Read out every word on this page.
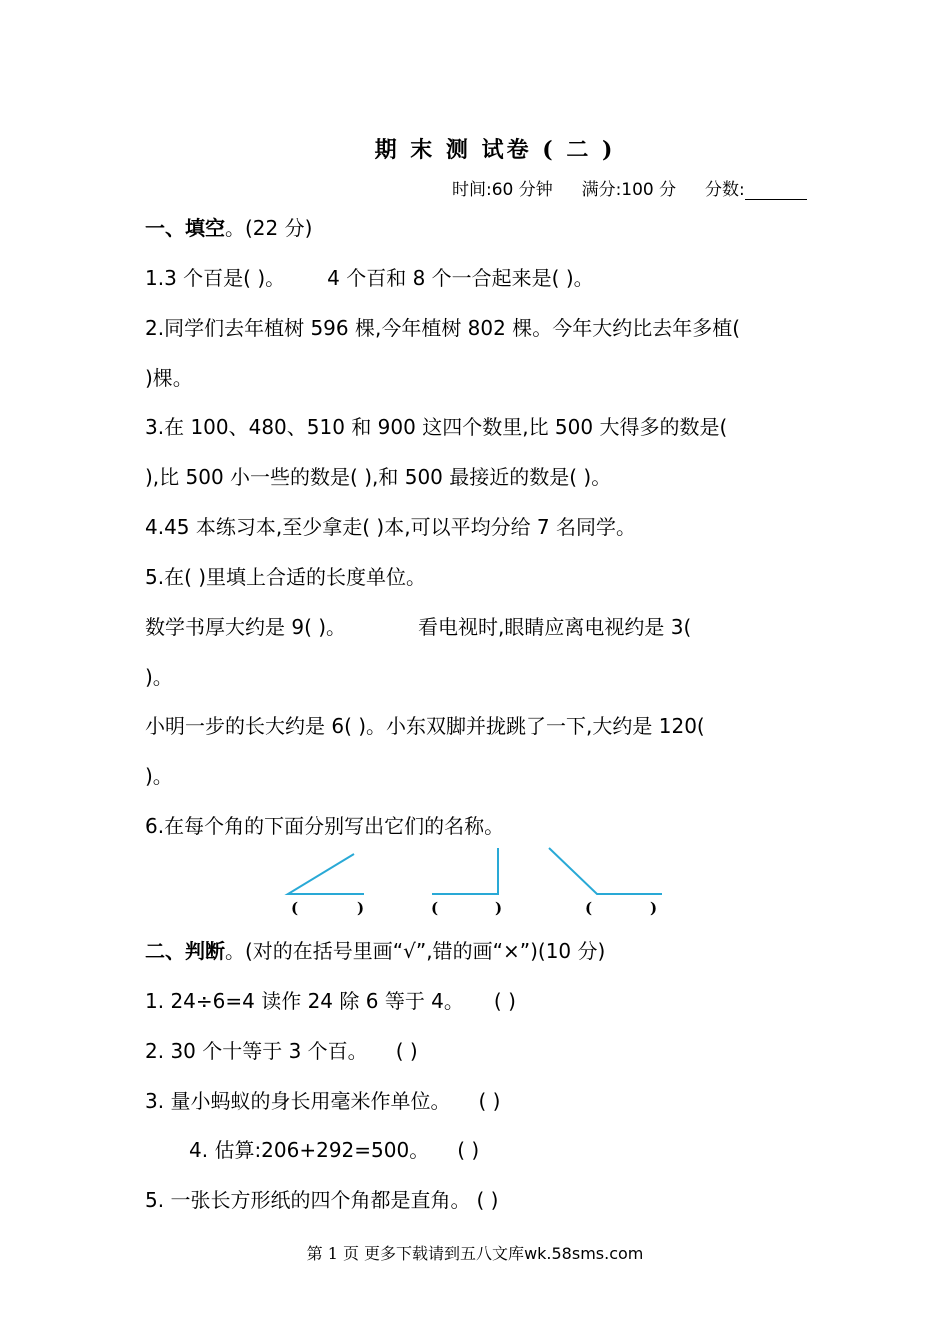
期 末 测 试卷 ( 二 )
时间:60 分钟 满分:100 分 分数:
一、填空。(22 分)
1.3 个百是( )。 4 个百和 8 个一合起来是( )。
2.同学们去年植树 596 棵,今年植树 802 棵。今年大约比去年多植(
)棵。
3.在 100、480、510 和 900 这四个数里,比 500 大得多的数是(
),比 500 小一些的数是( ),和 500 最接近的数是( )。
4.45 本练习本,至少拿走( )本,可以平均分给 7 名同学。
5.在( )里填上合适的长度单位。
数学书厚大约是 9( )。	看电视时,眼睛应离电视约是 3(
)。
小明一步的长大约是 6( )。小东双脚并拢跳了一下,大约是 120(
)。
6.在每个角的下面分别写出它们的名称。
(	)	(	)	(	)
二、判断。(对的在括号里画“√”,错的画“×”)(10 分)
1. 24÷6=4 读作 24 除 6 等于 4。 ( )
2. 30 个十等于 3 个百。 ( )
3. 量小蚂蚁的身长用毫米作单位。 ( )
4. 估算:206+292=500。 ( )
5. 一张长方形纸的四个角都是直角。 ( )
第 1 页 更多下载请到五八文库wk.58sms.com
